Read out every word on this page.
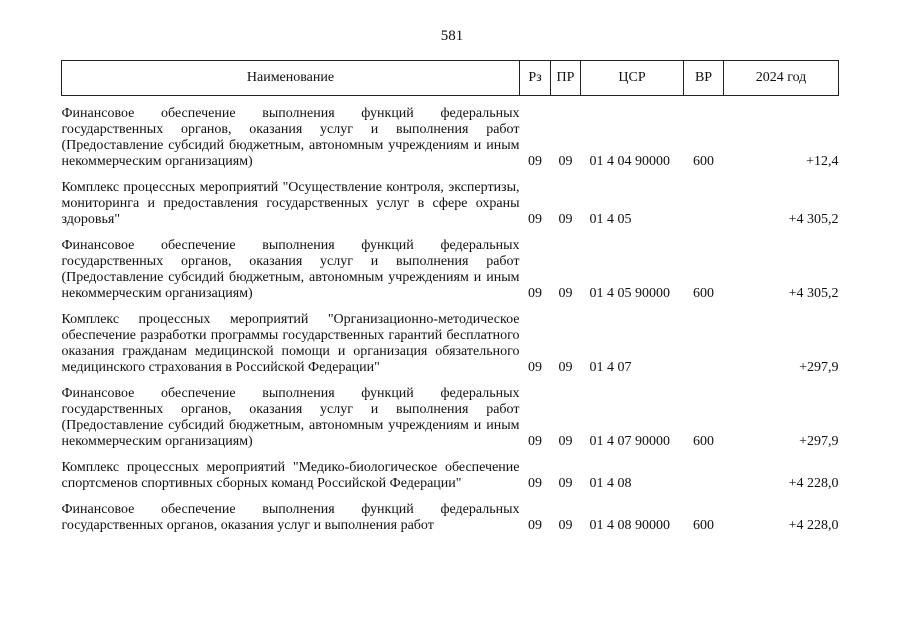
581
Наименование	Рз	ПР	ЦСР	ВР	2024 год
Финансовое обеспечение выполнения функций федеральных государственных органов, оказания услуг и выполнения работ (Предоставление субсидий бюджетным, автономным учреждениям и иным некоммерческим организациям)	09	09	01 4 04 90000	600	+12,4
Комплекс процессных мероприятий "Осуществление контроля, экспертизы, мониторинга и предоставления государственных услуг в сфере охраны здоровья"	09	09	01 4 05		+4 305,2
Финансовое обеспечение выполнения функций федеральных государственных органов, оказания услуг и выполнения работ (Предоставление субсидий бюджетным, автономным учреждениям и иным некоммерческим организациям)	09	09	01 4 05 90000	600	+4 305,2
Комплекс процессных мероприятий "Организационно-методическое обеспечение разработки программы государственных гарантий бесплатного оказания гражданам медицинской помощи и организация обязательного медицинского страхования в Российской Федерации"	09	09	01 4 07		+297,9
Финансовое обеспечение выполнения функций федеральных государственных органов, оказания услуг и выполнения работ (Предоставление субсидий бюджетным, автономным учреждениям и иным некоммерческим организациям)	09	09	01 4 07 90000	600	+297,9
Комплекс процессных мероприятий "Медико-биологическое обеспечение спортсменов спортивных сборных команд Российской Федерации"	09	09	01 4 08		+4 228,0
Финансовое обеспечение выполнения функций федеральных государственных органов, оказания услуг и выполнения работ	09	09	01 4 08 90000	600	+4 228,0
